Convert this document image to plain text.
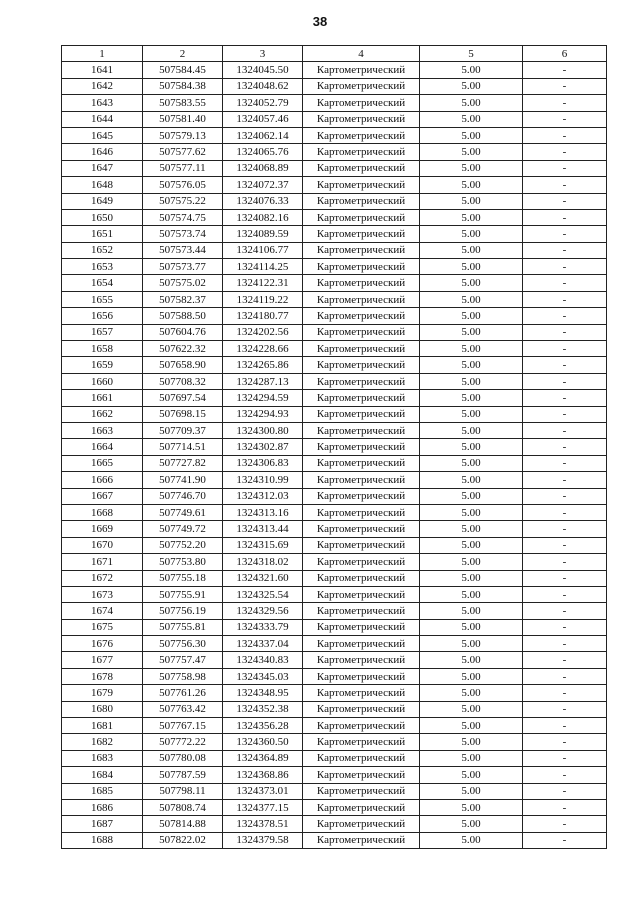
38
1	2	3	4	5	6
1641	507584.45	1324045.50	Картометрический	5.00	-
1642	507584.38	1324048.62	Картометрический	5.00	-
1643	507583.55	1324052.79	Картометрический	5.00	-
1644	507581.40	1324057.46	Картометрический	5.00	-
1645	507579.13	1324062.14	Картометрический	5.00	-
1646	507577.62	1324065.76	Картометрический	5.00	-
1647	507577.11	1324068.89	Картометрический	5.00	-
1648	507576.05	1324072.37	Картометрический	5.00	-
1649	507575.22	1324076.33	Картометрический	5.00	-
1650	507574.75	1324082.16	Картометрический	5.00	-
1651	507573.74	1324089.59	Картометрический	5.00	-
1652	507573.44	1324106.77	Картометрический	5.00	-
1653	507573.77	1324114.25	Картометрический	5.00	-
1654	507575.02	1324122.31	Картометрический	5.00	-
1655	507582.37	1324119.22	Картометрический	5.00	-
1656	507588.50	1324180.77	Картометрический	5.00	-
1657	507604.76	1324202.56	Картометрический	5.00	-
1658	507622.32	1324228.66	Картометрический	5.00	-
1659	507658.90	1324265.86	Картометрический	5.00	-
1660	507708.32	1324287.13	Картометрический	5.00	-
1661	507697.54	1324294.59	Картометрический	5.00	-
1662	507698.15	1324294.93	Картометрический	5.00	-
1663	507709.37	1324300.80	Картометрический	5.00	-
1664	507714.51	1324302.87	Картометрический	5.00	-
1665	507727.82	1324306.83	Картометрический	5.00	-
1666	507741.90	1324310.99	Картометрический	5.00	-
1667	507746.70	1324312.03	Картометрический	5.00	-
1668	507749.61	1324313.16	Картометрический	5.00	-
1669	507749.72	1324313.44	Картометрический	5.00	-
1670	507752.20	1324315.69	Картометрический	5.00	-
1671	507753.80	1324318.02	Картометрический	5.00	-
1672	507755.18	1324321.60	Картометрический	5.00	-
1673	507755.91	1324325.54	Картометрический	5.00	-
1674	507756.19	1324329.56	Картометрический	5.00	-
1675	507755.81	1324333.79	Картометрический	5.00	-
1676	507756.30	1324337.04	Картометрический	5.00	-
1677	507757.47	1324340.83	Картометрический	5.00	-
1678	507758.98	1324345.03	Картометрический	5.00	-
1679	507761.26	1324348.95	Картометрический	5.00	-
1680	507763.42	1324352.38	Картометрический	5.00	-
1681	507767.15	1324356.28	Картометрический	5.00	-
1682	507772.22	1324360.50	Картометрический	5.00	-
1683	507780.08	1324364.89	Картометрический	5.00	-
1684	507787.59	1324368.86	Картометрический	5.00	-
1685	507798.11	1324373.01	Картометрический	5.00	-
1686	507808.74	1324377.15	Картометрический	5.00	-
1687	507814.88	1324378.51	Картометрический	5.00	-
1688	507822.02	1324379.58	Картометрический	5.00	-
